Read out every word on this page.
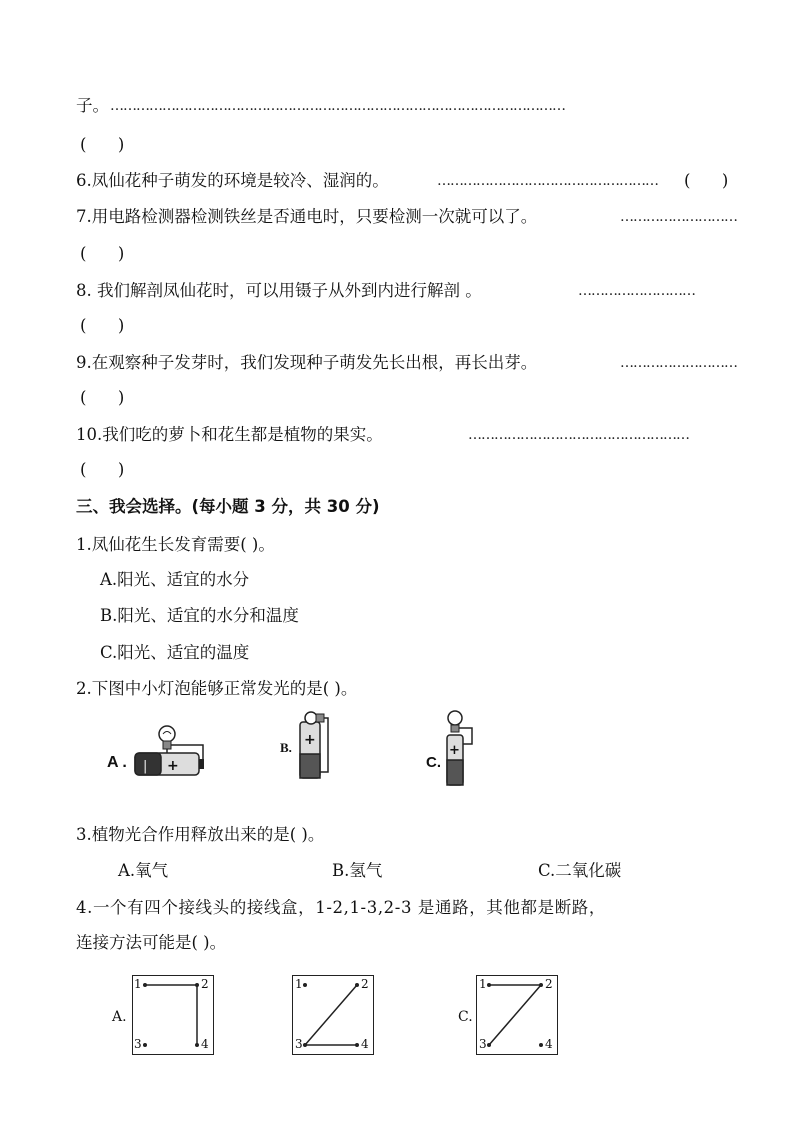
子。 ……………………………………………………………………………………………
(      )
6.凤仙花种子萌发的环境是较冷、湿润的。	……………………………………………	(      )
7.用电路检测器检测铁丝是否通电时，只要检测一次就可以了。	………………………
(      )
8. 我们解剖凤仙花时，可以用镊子从外到内进行解剖 。	………………………
(      )
9.在观察种子发芽时，我们发现种子萌发先长出根，再长出芽。	………………………
(      )
10.我们吃的萝卜和花生都是植物的果实。	……………………………………………
(      )
三、我会选择。(每小题 3 分，共 30 分)
1.凤仙花生长发育需要( )。
A.阳光、适宜的水分
B.阳光、适宜的水分和温度
C.阳光、适宜的温度
2.下图中小灯泡能够正常发光的是( )。
A .	+
|
B. +
C.
+
3.植物光合作用释放出来的是( )。
A.氧气	B.氢气	C.二氧化碳
4.一个有四个接线头的接线盒，1-2,1-3,2-3 是通路，其他都是断路，
连接方法可能是( )。
A.
1	2
3	4
1	2
3	4
C.
1	2
3	4
